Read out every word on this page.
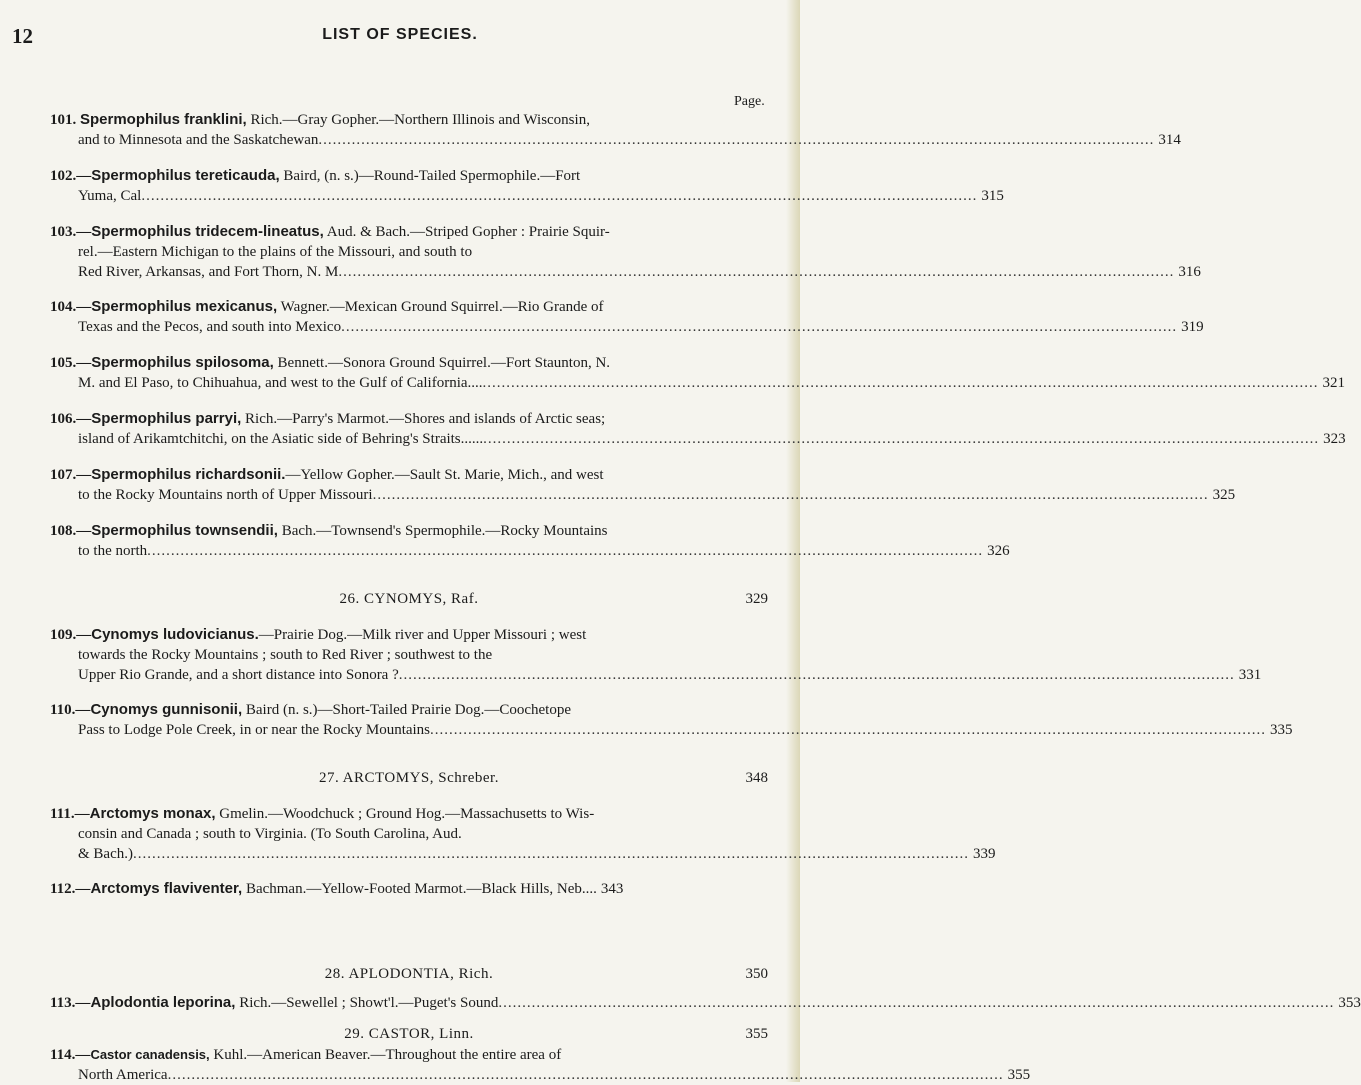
12	LIST OF SPECIES.
Page.
101. Spermophilus franklini, Rich.—Gray Gopher.—Northern Illinois and Wisconsin,
and to Minnesota and the Saskatchewan .....	314
102.—Spermophilus tereticauda, Baird, (n. s.)—Round-Tailed Spermophile.—Fort
Yuma, Cal .....	315
103.—Spermophilus tridecem-lineatus, Aud. & Bach.—Striped Gopher : Prairie Squir-
rel.—Eastern Michigan to the plains of the Missouri, and south to
Red River, Arkansas, and Fort Thorn, N. M .....	316
104.—Spermophilus mexicanus, Wagner.—Mexican Ground Squirrel.—Rio Grande of
Texas and the Pecos, and south into Mexico .....	319
105.—Spermophilus spilosoma, Bennett.—Sonora Ground Squirrel.—Fort Staunton, N.
M. and El Paso, to Chihuahua, and west to the Gulf of California.... .....	321
106.—Spermophilus parryi, Rich.—Parry's Marmot.—Shores and islands of Arctic seas;
island of Arikamtchitchi, on the Asiatic side of Behring's Straits...... .....	323
107.—Spermophilus richardsonii.—Yellow Gopher.—Sault St. Marie, Mich., and west
to the Rocky Mountains north of Upper Missouri .....	325
108.—Spermophilus townsendii, Bach.—Townsend's Spermophile.—Rocky Mountains
to the north .....	326
26. CYNOMYS, Raf.	329
109.—Cynomys ludovicianus.—Prairie Dog.—Milk river and Upper Missouri ; west
towards the Rocky Mountains ; south to Red River ; southwest to the
Upper Rio Grande, and a short distance into Sonora ? .....	331
110.—Cynomys gunnisonii, Baird (n. s.)—Short-Tailed Prairie Dog.—Coochetope
Pass to Lodge Pole Creek, in or near the Rocky Mountains .....	335
27. ARCTOMYS, Schreber.	348
111.—Arctomys monax, Gmelin.—Woodchuck ; Ground Hog.—Massachusetts to Wis-
consin and Canada ; south to Virginia. (To South Carolina, Aud.
& Bach.) .....	339
112.—Arctomys flaviventer, Bachman.—Yellow-Footed Marmot.—Black Hills, Neb.... 343
28. APLODONTIA, Rich.	350
113.—Aplodontia leporina, Rich.—Sewellel ; Showt'l.—Puget's Sound .....	353
29. CASTOR, Linn.	355
114.—Castor canadensis, Kuhl.—American Beaver.—Throughout the entire area of
North America .....	355
